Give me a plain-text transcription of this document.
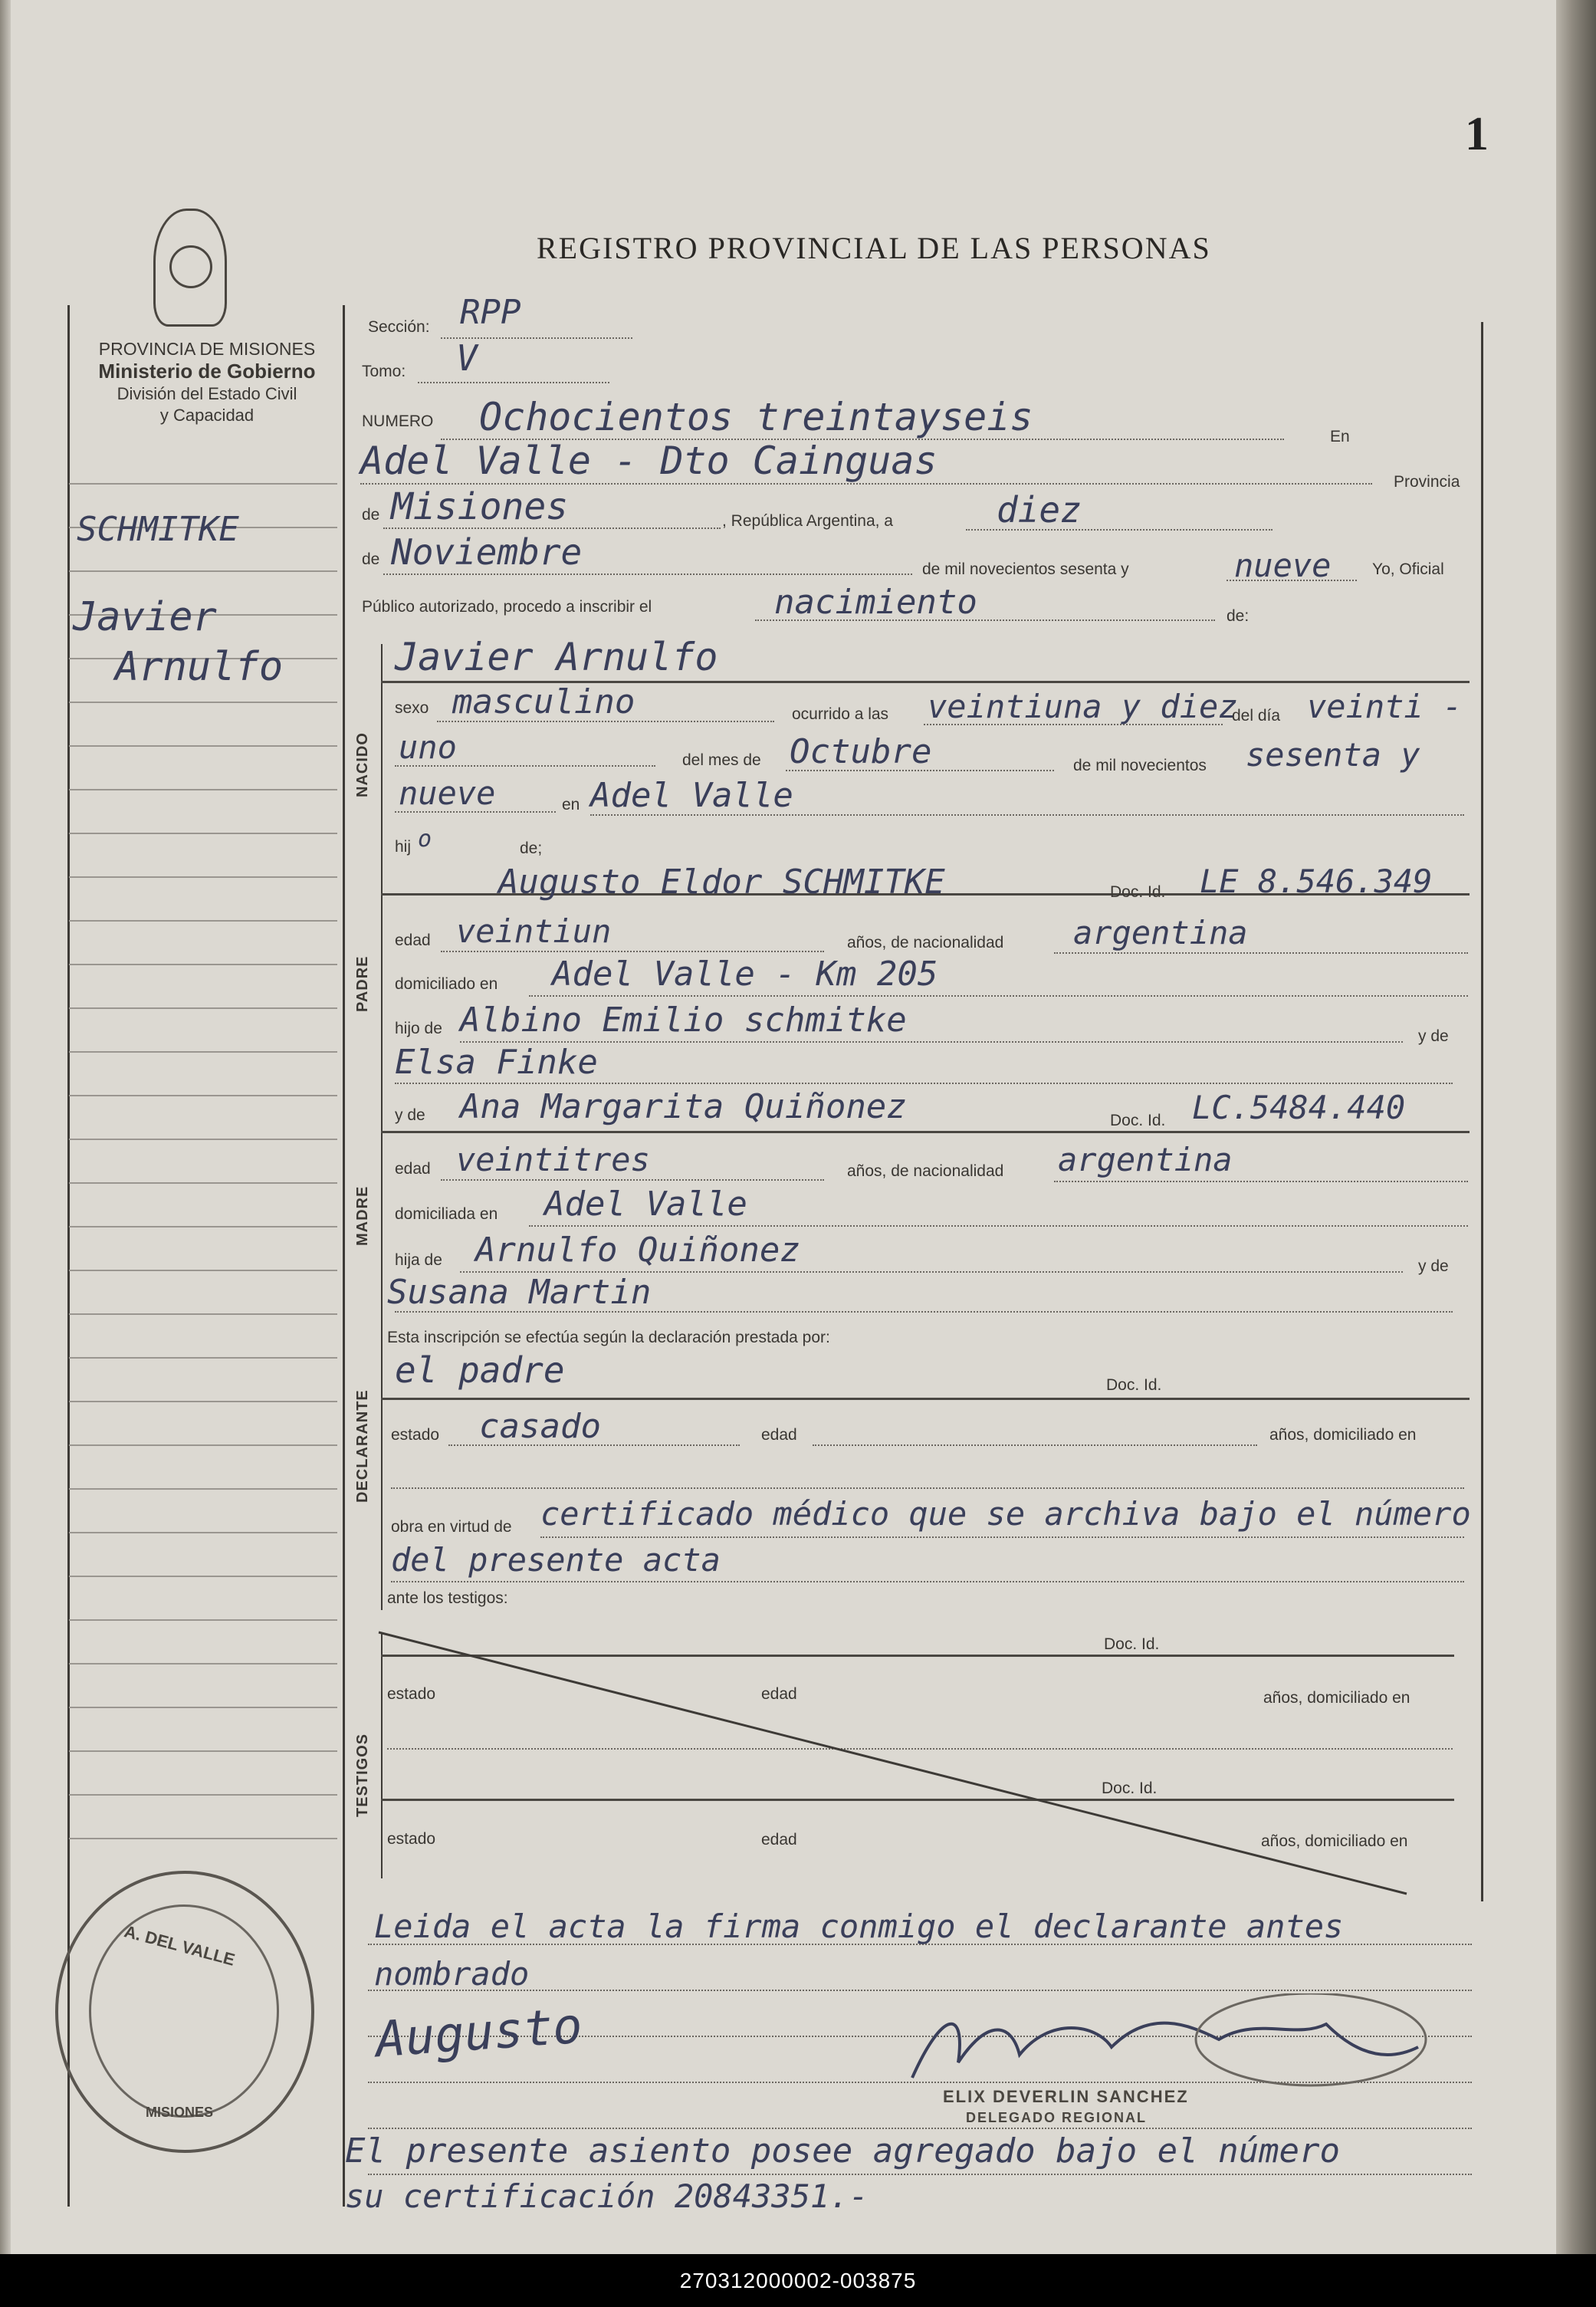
1
REGISTRO PROVINCIAL DE LAS PERSONAS
PROVINCIA DE MISIONES
Ministerio de Gobierno
División del Estado Civil
y Capacidad
SCHMITKE
Javier
Arnulfo
Sección: RPP
Tomo: V
NUMERO Ochocientos treintayseis	En
Adel Valle - Dto Cainguas	Provincia
de Misiones	, República Argentina, a	diez
de Noviembre	de mil novecientos sesenta y	nueve	Yo, Oficial
Público autorizado, procedo a inscribir el	nacimiento	de:
Javier Arnulfo
NACIDO
sexo masculino	ocurrido a las veintiuna y diez
del día veinti -
uno	del mes de Octubre	de mil novecientos sesenta y
nueve	en Adel Valle
hij o	de;
Augusto Eldor SCHMITKE	Doc. Id. LE 8.546.349
PADRE
edad veintiun	años, de nacionalidad argentina
domiciliado en Adel Valle - Km 205
hijo de Albino Emilio schmitke	y de
Elsa Finke
y de Ana Margarita Quiñonez	Doc. Id. LC.5484.440
MADRE
edad veintitres	años, de nacionalidad argentina
domiciliada en Adel Valle
hija de Arnulfo Quiñonez	y de
Susana Martin
Esta inscripción se efectúa según la declaración prestada por:
el padre	Doc. Id.
DECLARANTE estado casado	edad	años, domiciliado en
obra en virtud de certificado médico que se archiva bajo el número
del presente acta
ante los testigos:
Doc. Id.
estado	edad	años, domiciliado en
Doc. Id.
estado	edad	años, domiciliado en
TESTIGOS
Leida el acta la firma conmigo el declarante antes
nombrado
Augusto
ELIX DEVERLIN SANCHEZ
DELEGADO REGIONAL
El presente asiento posee agregado bajo el número
su certificación 20843351.-
A. DEL VALLE
MISIONES
270312000002-003875
